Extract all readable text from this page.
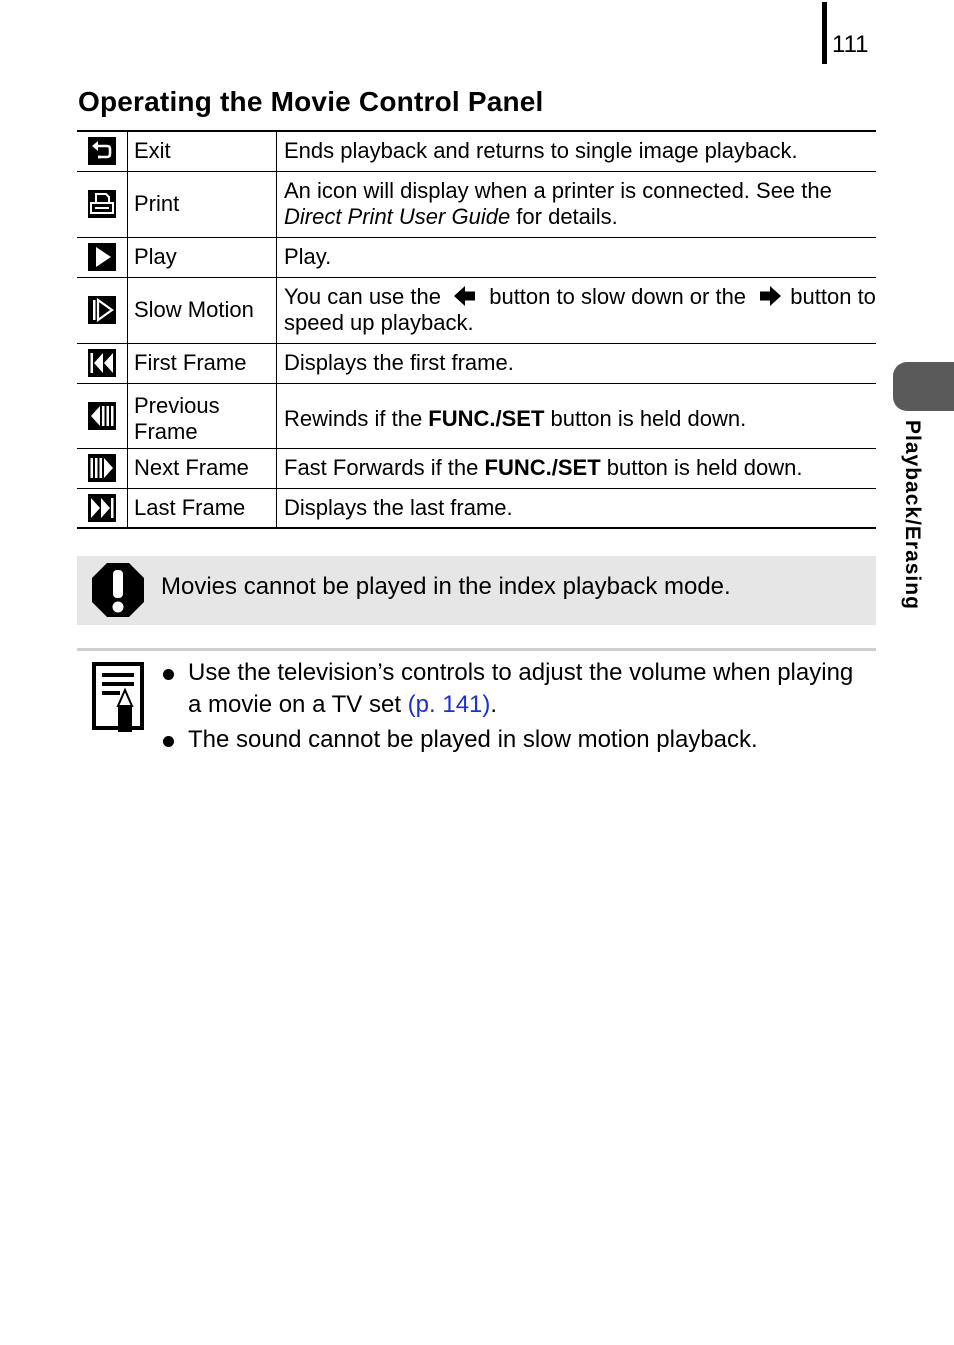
111
Operating the Movie Control Panel
Playback/Erasing
	Exit	Ends playback and returns to single image playback.

	Print	An icon will display when a printer is connected. See the Direct Print User Guide for details.

	Play	Play.

	Slow Motion	You can use the  button to slow down or the  button to speed up playback.

	First Frame	Displays the first frame.

	Previous Frame	Rewinds if the FUNC./SET button is held down.

	Next Frame	Fast Forwards if the FUNC./SET button is held down.

	Last Frame	Displays the last frame.
Movies cannot be played in the index playback mode.
Use the television’s controls to adjust the volume when playing a movie on a TV set (p. 141).
The sound cannot be played in slow motion playback.
